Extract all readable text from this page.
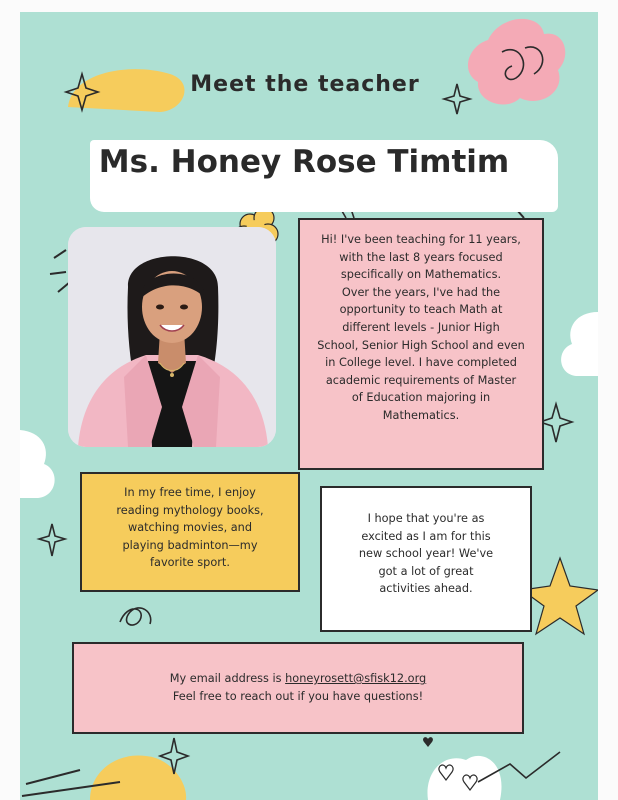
Meet the teacher
Ms. Honey Rose Timtim
Hi! I've been teaching for 11 years,
with the last 8 years focused
specifically on Mathematics.
Over the years, I've had the
opportunity to teach Math at
different levels - Junior High
School, Senior High School and even
in College level. I have completed
academic requirements of Master
of Education majoring in
Mathematics.
In my free time, I enjoy
reading mythology books,
watching movies, and
playing badminton—my
favorite sport.
I hope that you're as
excited as I am for this
new school year! We've
got a lot of great
activities ahead.
My email address is honeyrosett@sfisk12.org
Feel free to reach out if you have questions!
